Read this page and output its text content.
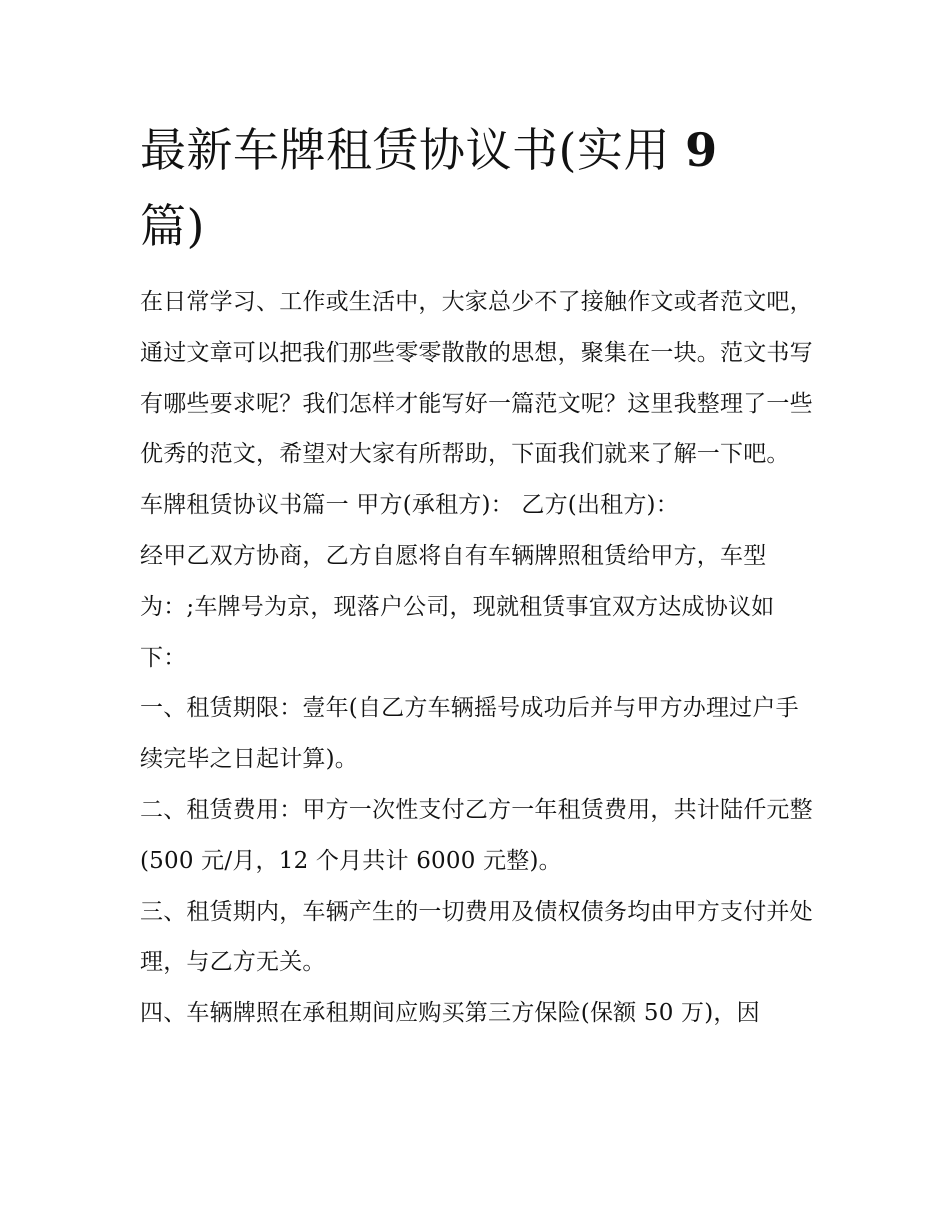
最新车牌租赁协议书(实用 9
篇)

在日常学习、工作或生活中，大家总少不了接触作文或者范文吧，通过文章可以把我们那些零零散散的思想，聚集在一块。范文书写有哪些要求呢？我们怎样才能写好一篇范文呢？这里我整理了一些优秀的范文，希望对大家有所帮助，下面我们就来了解一下吧。

车牌租赁协议书篇一 甲方(承租方)： 乙方(出租方)：

经甲乙双方协商，乙方自愿将自有车辆牌照租赁给甲方，车型为：;车牌号为京，现落户公司，现就租赁事宜双方达成协议如下：

一、租赁期限：壹年(自乙方车辆摇号成功后并与甲方办理过户手续完毕之日起计算)。

二、租赁费用：甲方一次性支付乙方一年租赁费用，共计陆仟元整(500 元/月，12 个月共计 6000 元整)。

三、租赁期内，车辆产生的一切费用及债权债务均由甲方支付并处理，与乙方无关。

四、车辆牌照在承租期间应购买第三方保险(保额 50 万)，因
